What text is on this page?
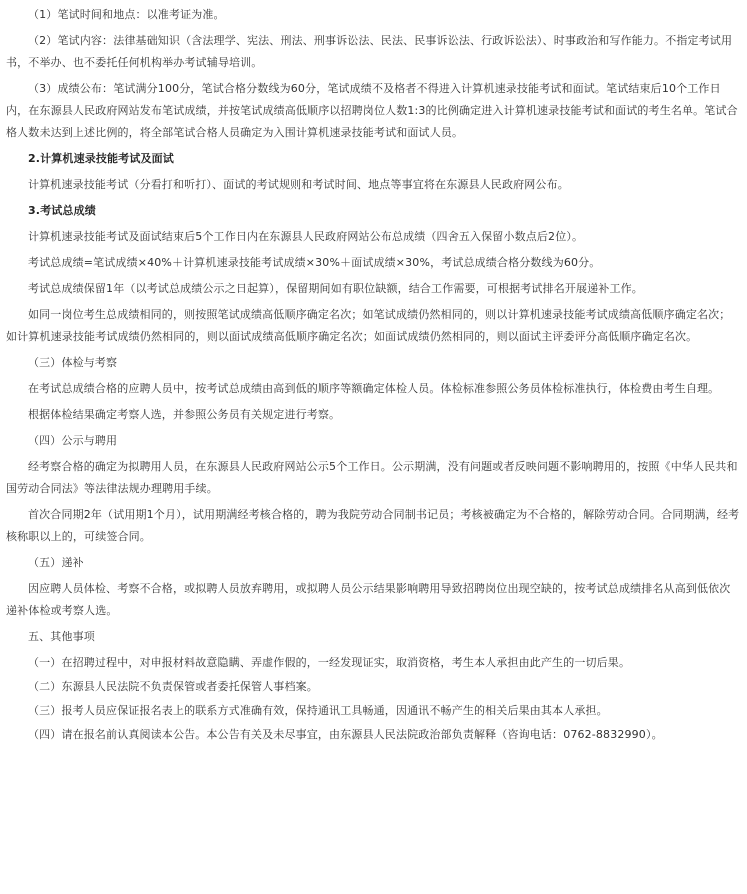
（1）笔试时间和地点：以准考证为准。

（2）笔试内容：法律基础知识（含法理学、宪法、刑法、刑事诉讼法、民法、民事诉讼法、行政诉讼法）、时事政治和写作能力。不指定考试用书，不举办、也不委托任何机构举办考试辅导培训。

（3）成绩公布：笔试满分100分，笔试合格分数线为60分，笔试成绩不及格者不得进入计算机速录技能考试和面试。笔试结束后10个工作日内，在东源县人民政府网站发布笔试成绩，并按笔试成绩高低顺序以招聘岗位人数1:3的比例确定进入计算机速录技能考试和面试的考生名单。笔试合格人数未达到上述比例的，将全部笔试合格人员确定为入围计算机速录技能考试和面试人员。

2.计算机速录技能考试及面试

计算机速录技能考试（分看打和听打）、面试的考试规则和考试时间、地点等事宜将在东源县人民政府网公布。

3.考试总成绩

计算机速录技能考试及面试结束后5个工作日内在东源县人民政府网站公布总成绩（四舍五入保留小数点后2位）。

考试总成绩=笔试成绩×40%＋计算机速录技能考试成绩×30%＋面试成绩×30%，考试总成绩合格分数线为60分。

考试总成绩保留1年（以考试总成绩公示之日起算），保留期间如有职位缺额，结合工作需要，可根据考试排名开展递补工作。

如同一岗位考生总成绩相同的，则按照笔试成绩高低顺序确定名次；如笔试成绩仍然相同的，则以计算机速录技能考试成绩高低顺序确定名次；如计算机速录技能考试成绩仍然相同的，则以面试成绩高低顺序确定名次；如面试成绩仍然相同的，则以面试主评委评分高低顺序确定名次。

（三）体检与考察

在考试总成绩合格的应聘人员中，按考试总成绩由高到低的顺序等额确定体检人员。体检标准参照公务员体检标准执行，体检费由考生自理。

根据体检结果确定考察人选，并参照公务员有关规定进行考察。

（四）公示与聘用

经考察合格的确定为拟聘用人员，在东源县人民政府网站公示5个工作日。公示期满，没有问题或者反映问题不影响聘用的，按照《中华人民共和国劳动合同法》等法律法规办理聘用手续。

首次合同期2年（试用期1个月），试用期满经考核合格的，聘为我院劳动合同制书记员；考核被确定为不合格的，解除劳动合同。合同期满，经考核称职以上的，可续签合同。

（五）递补

因应聘人员体检、考察不合格，或拟聘人员放弃聘用，或拟聘人员公示结果影响聘用导致招聘岗位出现空缺的，按考试总成绩排名从高到低依次递补体检或考察人选。

五、其他事项

（一）在招聘过程中，对申报材料故意隐瞒、弄虚作假的，一经发现证实，取消资格，考生本人承担由此产生的一切后果。

（二）东源县人民法院不负责保管或者委托保管人事档案。

（三）报考人员应保证报名表上的联系方式准确有效，保持通讯工具畅通，因通讯不畅产生的相关后果由其本人承担。

（四）请在报名前认真阅读本公告。本公告有关及未尽事宜，由东源县人民法院政治部负责解释（咨询电话：0762-8832990）。
